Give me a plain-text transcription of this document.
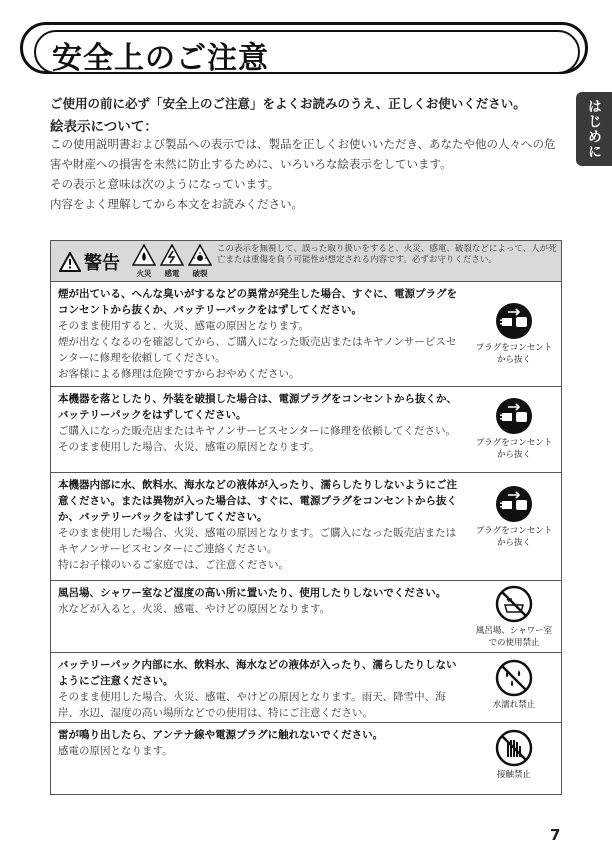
安全上のご注意
はじめに
ご使用の前に必ず「安全上のご注意」をよくお読みのうえ、正しくお使いください。
絵表示について：

この使用説明書および製品への表示では、製品を正しくお使いいただき、あなたや他の人々への危害や財産への損害を未然に防止するために、いろいろな絵表示をしています。

その表示と意味は次のようになっています。

内容をよく理解してから本文をお読みください。

警告	火災	感電	破裂
この表示を無視して、誤った取り扱いをすると、火災、感電、破裂などによって、人が死亡または重傷を負う可能性が想定される内容です。必ずお守りください。

煙が出ている、へんな臭いがするなどの異常が発生した場合、すぐに、電源プラグをコンセントから抜くか、バッテリーパックをはずしてください。

そのまま使用すると、火災、感電の原因となります。

煙が出なくなるのを確認してから、ご購入になった販売店またはキヤノンサービスセンターに修理を依頼してください。

お客様による修理は危険ですからおやめください。

プラグをコンセントから抜く

本機器を落としたり、外装を破損した場合は、電源プラグをコンセントから抜くか、バッテリーパックをはずしてください。

ご購入になった販売店またはキヤノンサービスセンターに修理を依頼してください。

そのまま使用した場合、火災、感電の原因となります。	プラグをコンセントから抜く

本機器内部に水、飲料水、海水などの液体が入ったり、濡らしたりしないようにご注意ください。または異物が入った場合は、すぐに、電源プラグをコンセントから抜くか、バッテリーパックをはずしてください。

そのまま使用した場合、火災、感電の原因となります。ご購入になった販売店またはキヤノンサービスセンターにご連絡ください。

特にお子様のいるご家庭では、ご注意ください。

プラグをコンセントから抜く

風呂場、シャワー室など湿度の高い所に置いたり、使用したりしないでください。

水などが入ると、火災、感電、やけどの原因となります。

風呂場、シャワー室での使用禁止

バッテリーパック内部に水、飲料水、海水などの液体が入ったり、濡らしたりしないようにご注意ください。

そのまま使用した場合、火災、感電、やけどの原因となります。雨天、降雪中、海岸、水辺、湿度の高い場所などでの使用は、特にご注意ください。

水濡れ禁止

雷が鳴り出したら、アンテナ線や電源プラグに触れないでください。

感電の原因となります。

接触禁止
7
